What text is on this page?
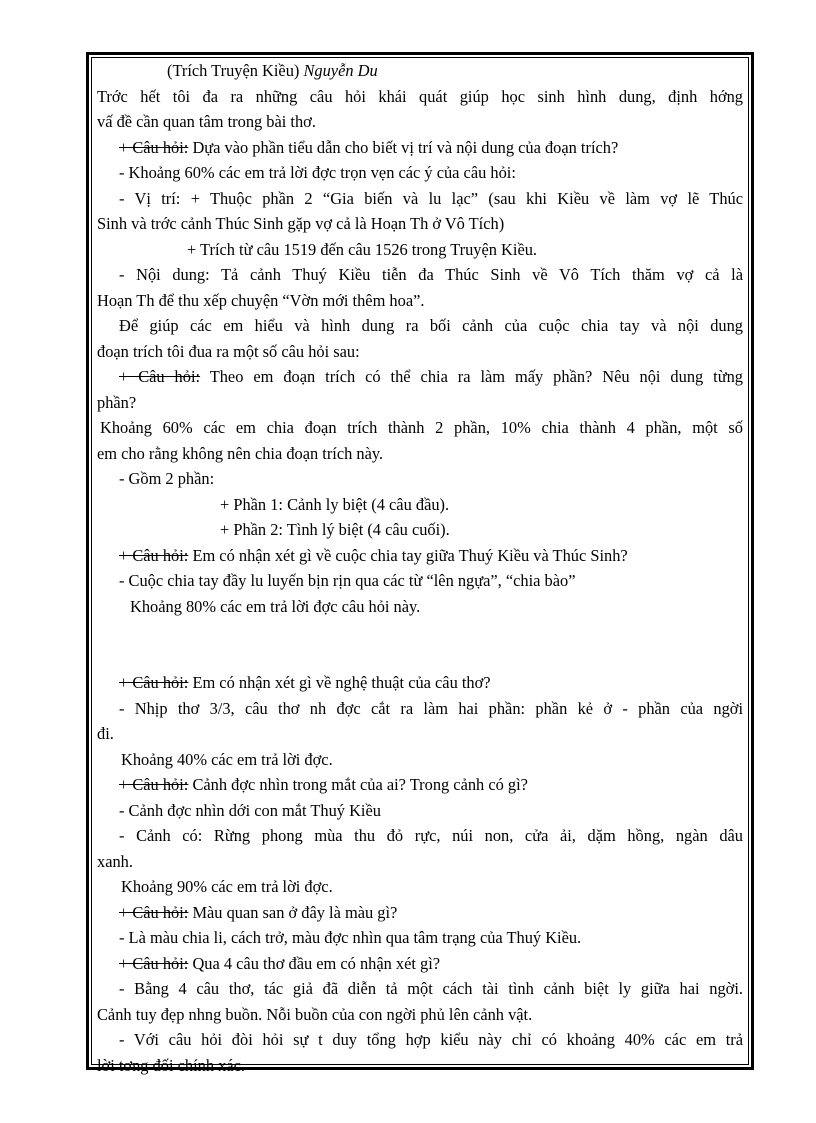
(Trích Truyện Kiều) Nguyễn Du
Trớc hết tôi đa ra những câu hỏi khái quát giúp học sinh hình dung, định hớng
vấ đề cần quan tâm trong bài thơ.
+ Câu hỏi: Dựa vào phần tiểu dẫn cho biết vị trí và nội dung của đoạn trích?
- Khoảng 60% các em trả lời đợc trọn vẹn các ý của câu hỏi:
- Vị trí: + Thuộc phần 2 “Gia biến và lu lạc” (sau khi Kiều về làm vợ lẽ Thúc
Sinh và trớc cảnh Thúc Sinh gặp vợ cả là Hoạn Th ở Vô Tích)
+ Trích từ câu 1519 đến câu 1526 trong Truyện Kiều.
- Nội dung: Tả cảnh Thuý Kiều tiễn đa Thúc Sinh về Vô Tích thăm vợ cả là
Hoạn Th để thu xếp chuyện “Vờn mới thêm hoa”.
Để giúp các em hiểu và hình dung ra bối cảnh của cuộc chia tay và nội dung
đoạn trích tôi đua ra một số câu hỏi sau:
+ Câu hỏi: Theo em đoạn trích có thể chia ra làm mấy phần? Nêu nội dung từng
phần?
Khoảng 60% các em chia đoạn trích thành 2 phần, 10% chia thành 4 phần, một số
em cho rằng không nên chia đoạn trích này.
- Gồm 2 phần:
+ Phần 1: Cảnh ly biệt (4 câu đầu).
+ Phần 2: Tình lý biệt (4 câu cuối).
+ Câu hỏi: Em có nhận xét gì về cuộc chia tay giữa Thuý Kiều và Thúc Sinh?
- Cuộc chia tay đầy lu luyến bịn rịn qua các từ “lên ngựa”, “chia bào”
Khoảng 80% các em trả lời đợc câu hỏi này.
+ Câu hỏi: Em có nhận xét gì về nghệ thuật của câu thơ?
- Nhịp thơ 3/3, câu thơ nh đợc cắt ra làm hai phần: phần kẻ ở - phần của ngời
đi.
Khoảng 40% các em trả lời đợc.
+ Câu hỏi: Cảnh đợc nhìn trong mắt của ai? Trong cảnh có gì?
- Cảnh đợc nhìn dới con mắt Thuý Kiều
- Cảnh có: Rừng phong mùa thu đỏ rực, núi non, cửa ải, dặm hồng, ngàn dâu
xanh.
Khoảng 90% các em trả lời đợc.
+ Câu hỏi: Màu quan san ở đây là màu gì?
- Là màu chia li, cách trở, màu đợc nhìn qua tâm trạng của Thuý Kiều.
+ Câu hỏi: Qua 4 câu thơ đầu em có nhận xét gì?
- Bằng 4 câu thơ, tác giả đã diễn tả một cách tài tình cảnh biệt ly giữa hai ngời.
Cảnh tuy đẹp nhng buồn. Nỗi buồn của con ngời phủ lên cảnh vật.
- Với câu hỏi đòi hỏi sự t duy tổng hợp kiểu này chỉ có khoảng 40% các em trả
lời tơng đối chính xác.
